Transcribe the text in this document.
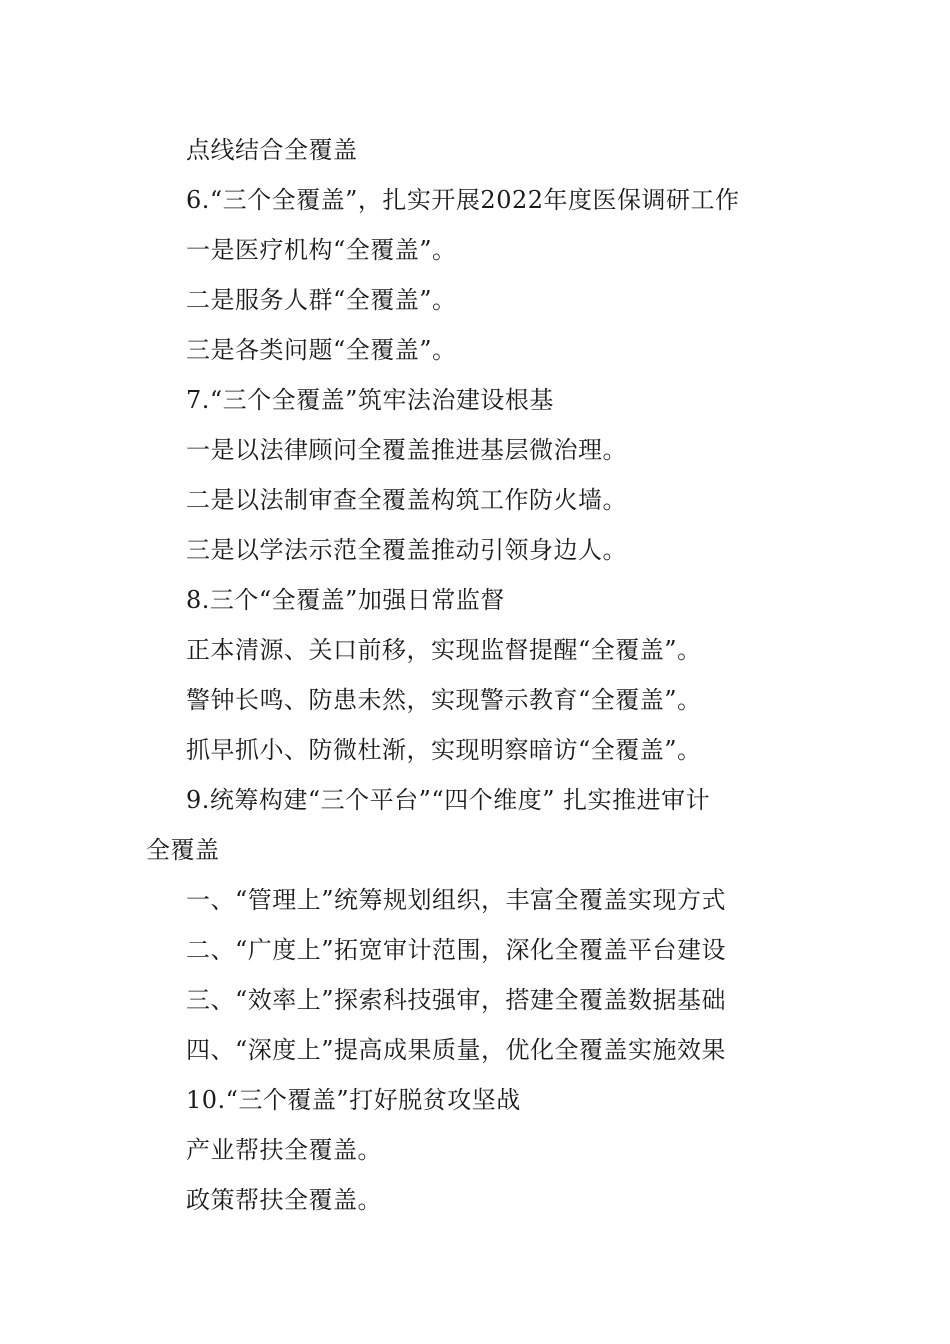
点线结合全覆盖
6.“三个全覆盖”，扎实开展2022年度医保调研工作
一是医疗机构“全覆盖”。
二是服务人群“全覆盖”。
三是各类问题“全覆盖”。
7.“三个全覆盖”筑牢法治建设根基
一是以法律顾问全覆盖推进基层微治理。
二是以法制审查全覆盖构筑工作防火墙。
三是以学法示范全覆盖推动引领身边人。
8.三个“全覆盖”加强日常监督
正本清源、关口前移，实现监督提醒“全覆盖”。
警钟长鸣、防患未然，实现警示教育“全覆盖”。
抓早抓小、防微杜渐，实现明察暗访“全覆盖”。
9.统筹构建“三个平台”“四个维度” 扎实推进审计
全覆盖
一、“管理上”统筹规划组织，丰富全覆盖实现方式
二、“广度上”拓宽审计范围，深化全覆盖平台建设
三、“效率上”探索科技强审，搭建全覆盖数据基础
四、“深度上”提高成果质量，优化全覆盖实施效果
10.“三个覆盖”打好脱贫攻坚战
产业帮扶全覆盖。
政策帮扶全覆盖。
